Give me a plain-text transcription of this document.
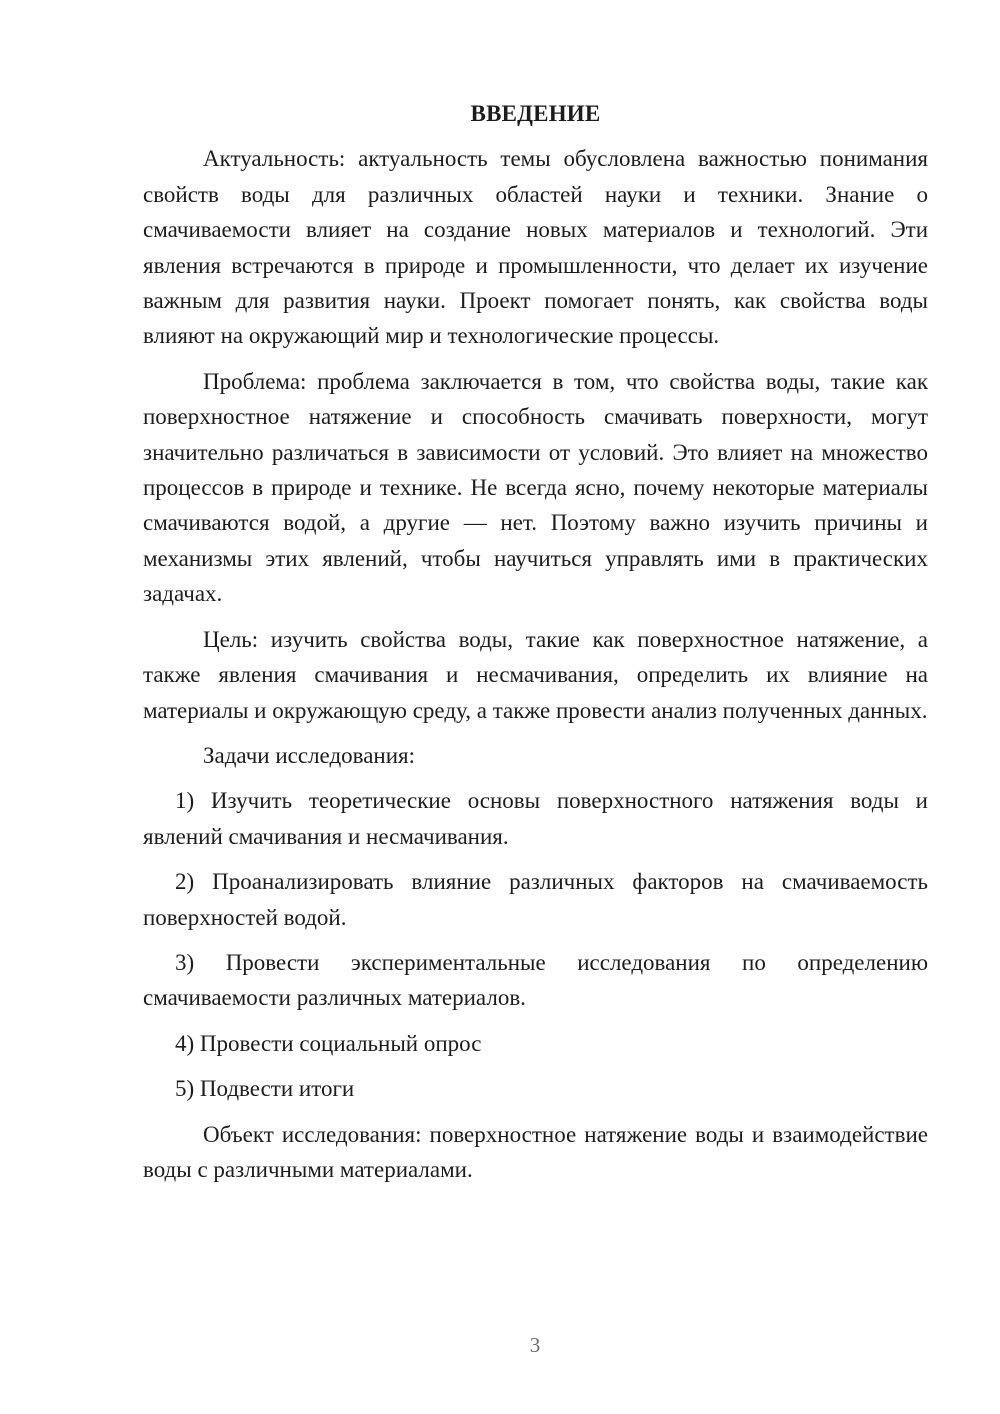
ВВЕДЕНИЕ

Актуальность: актуальность темы обусловлена важностью понимания свойств воды для различных областей науки и техники. Знание о смачиваемости влияет на создание новых материалов и технологий. Эти явления встречаются в природе и промышленности, что делает их изучение важным для развития науки. Проект помогает понять, как свойства воды влияют на окружающий мир и технологические процессы.

Проблема: проблема заключается в том, что свойства воды, такие как поверхностное натяжение и способность смачивать поверхности, могут значительно различаться в зависимости от условий. Это влияет на множество процессов в природе и технике. Не всегда ясно, почему некоторые материалы смачиваются водой, а другие — нет. Поэтому важно изучить причины и механизмы этих явлений, чтобы научиться управлять ими в практических задачах.

Цель: изучить свойства воды, такие как поверхностное натяжение, а также явления смачивания и несмачивания, определить их влияние на материалы и окружающую среду, а также провести анализ полученных данных.

Задачи исследования:

1) Изучить теоретические основы поверхностного натяжения воды и явлений смачивания и несмачивания.

2) Проанализировать влияние различных факторов на смачиваемость поверхностей водой.

3) Провести экспериментальные исследования по определению смачиваемости различных материалов.

4) Провести социальный опрос

5) Подвести итоги

Объект исследования: поверхностное натяжение воды и взаимодействие воды с различными материалами.

3
